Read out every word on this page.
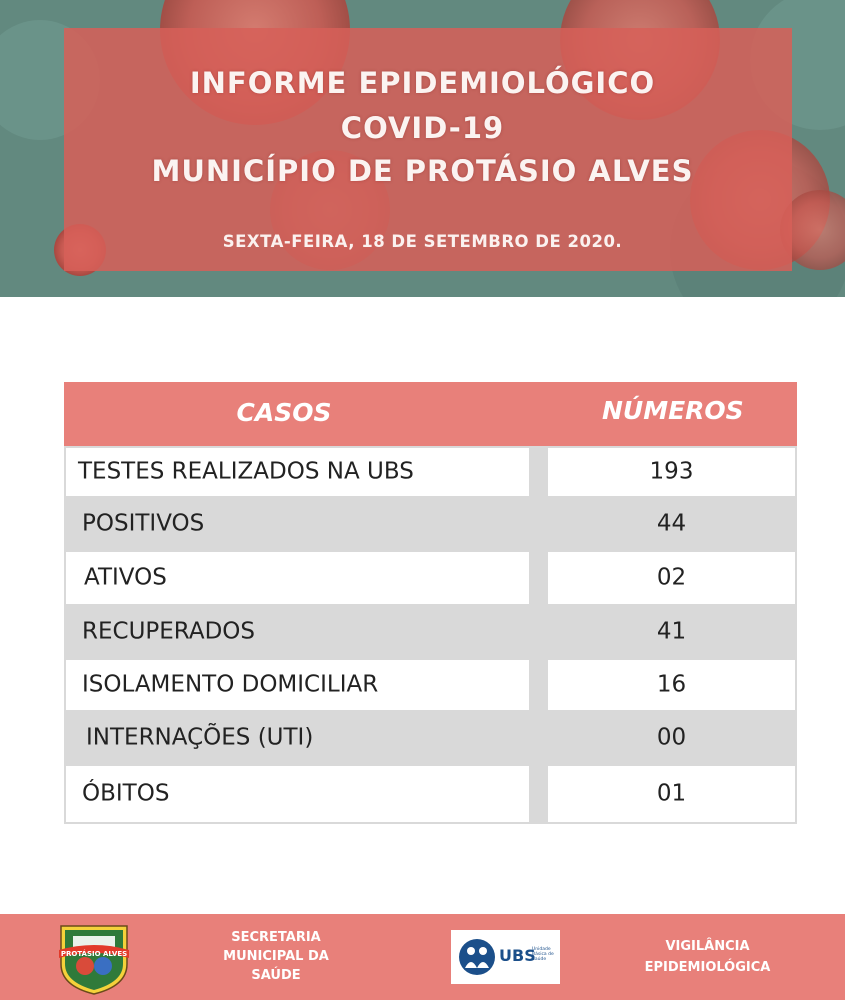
INFORME EPIDEMIOLÓGICO
COVID-19
MUNICÍPIO DE PROTÁSIO ALVES
SEXTA-FEIRA, 18 DE SETEMBRO DE 2020.
CASOS	NÚMEROS
TESTES REALIZADOS NA UBS	193
POSITIVOS	44
ATIVOS	02
RECUPERADOS	41
ISOLAMENTO DOMICILIAR	16
INTERNAÇÕES (UTI)	00
ÓBITOS	01
PROTÁSIO ALVES
SECRETARIA
MUNICIPAL DA
SAÚDE
UBS
Unidade Básica de Saúde
VIGILÂNCIA
EPIDEMIOLÓGICA
